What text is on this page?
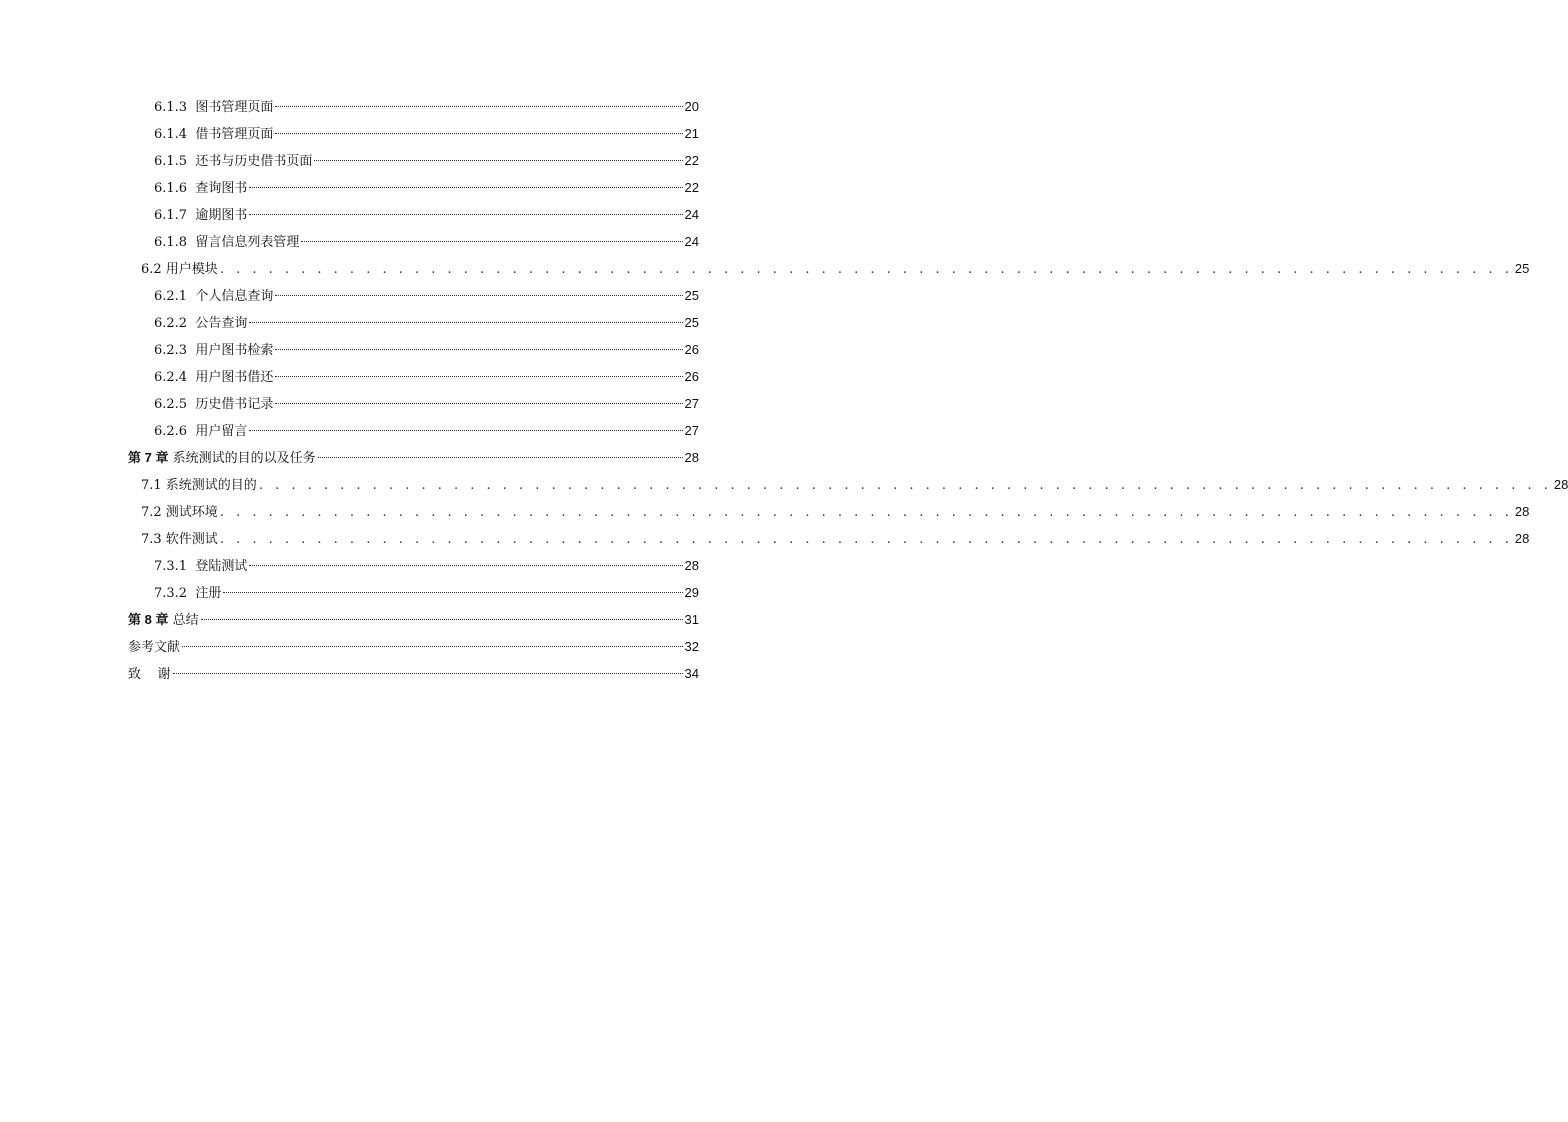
6.1.3  图书管理页面	20
6.1.4  借书管理页面	21
6.1.5  还书与历史借书页面	22
6.1.6  查询图书	22
6.1.7  逾期图书	24
6.1.8  留言信息列表管理	24
6.2 用户模块 . . . . . . . . . . . . . . . . . . . . . . . . . . . . . . . . . . . . . . . . . . . . . . . . . . . . . . . . . . . . . . . . . . . . . . . . . . . . . . . . 25
6.2.1  个人信息查询	25
6.2.2  公告查询	25
6.2.3  用户图书检索	26
6.2.4  用户图书借还	26
6.2.5  历史借书记录	27
6.2.6  用户留言	27
第 7 章 系统测试的目的以及任务	28
7.1 系统测试的目的 . . . . . . . . . . . . . . . . . . . . . . . . . . . . . . . . . . . . . . . . . . . . . . . . . . . . . . . . . . . . . . . . . . . . . . . . . . . . . . . . 28
7.2 测试环境 . . . . . . . . . . . . . . . . . . . . . . . . . . . . . . . . . . . . . . . . . . . . . . . . . . . . . . . . . . . . . . . . . . . . . . . . . . . . . . . . 28
7.3 软件测试 . . . . . . . . . . . . . . . . . . . . . . . . . . . . . . . . . . . . . . . . . . . . . . . . . . . . . . . . . . . . . . . . . . . . . . . . . . . . . . . . 28
7.3.1  登陆测试	28
7.3.2  注册	29
第 8 章 总结	31
参考文献	32
致    谢	34
